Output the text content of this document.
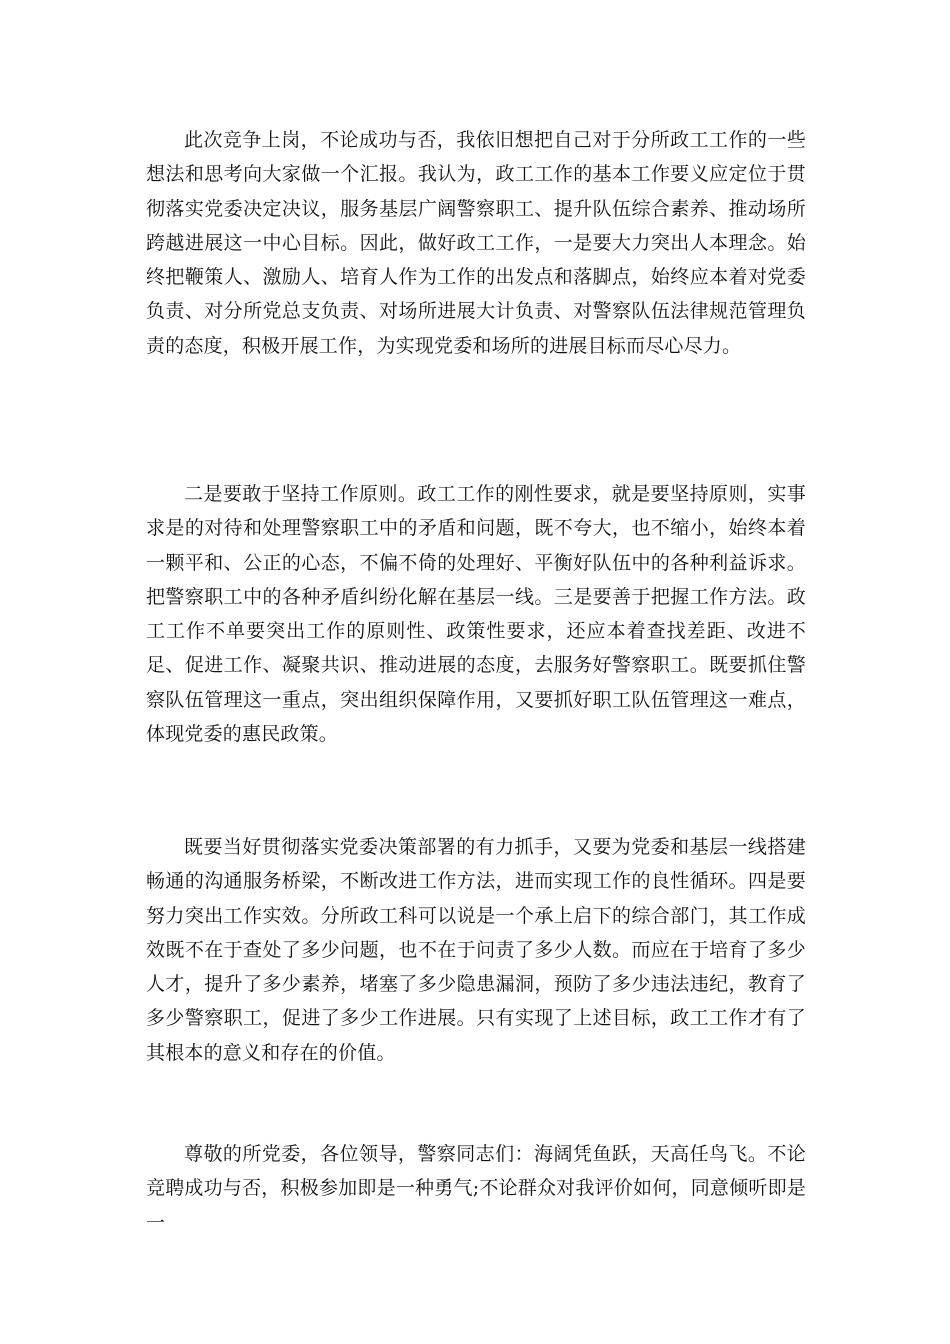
此次竞争上岗，不论成功与否，我依旧想把自己对于分所政工工作的一些想法和思考向大家做一个汇报。我认为，政工工作的基本工作要义应定位于贯彻落实党委决定决议，服务基层广阔警察职工、提升队伍综合素养、推动场所跨越进展这一中心目标。因此，做好政工工作，一是要大力突出人本理念。始终把鞭策人、激励人、培育人作为工作的出发点和落脚点，始终应本着对党委负责、对分所党总支负责、对场所进展大计负责、对警察队伍法律规范管理负责的态度，积极开展工作，为实现党委和场所的进展目标而尽心尽力。

二是要敢于坚持工作原则。政工工作的刚性要求，就是要坚持原则，实事求是的对待和处理警察职工中的矛盾和问题，既不夸大，也不缩小，始终本着一颗平和、公正的心态，不偏不倚的处理好、平衡好队伍中的各种利益诉求。把警察职工中的各种矛盾纠纷化解在基层一线。三是要善于把握工作方法。政工工作不单要突出工作的原则性、政策性要求，还应本着查找差距、改进不足、促进工作、凝聚共识、推动进展的态度，去服务好警察职工。既要抓住警察队伍管理这一重点，突出组织保障作用，又要抓好职工队伍管理这一难点，体现党委的惠民政策。

既要当好贯彻落实党委决策部署的有力抓手，又要为党委和基层一线搭建畅通的沟通服务桥梁，不断改进工作方法，进而实现工作的良性循环。四是要努力突出工作实效。分所政工科可以说是一个承上启下的综合部门，其工作成效既不在于查处了多少问题，也不在于问责了多少人数。而应在于培育了多少人才，提升了多少素养，堵塞了多少隐患漏洞，预防了多少违法违纪，教育了多少警察职工，促进了多少工作进展。只有实现了上述目标，政工工作才有了其根本的意义和存在的价值。

尊敬的所党委，各位领导，警察同志们：海阔凭鱼跃，天高任鸟飞。不论竞聘成功与否，积极参加即是一种勇气;不论群众对我评价如何，同意倾听即是一
